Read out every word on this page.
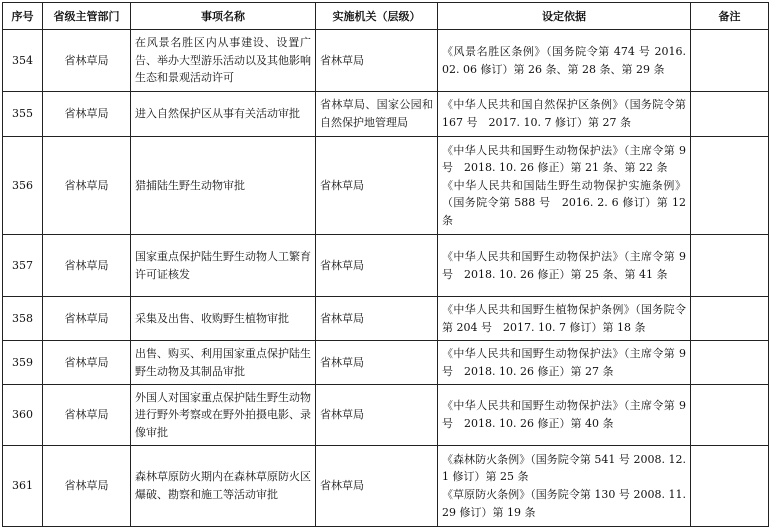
序号	省级主管部门	事项名称	实施机关（层级）	设定依据	备注
354	省林草局	在风景名胜区内从事建设、设置广告、举办大型游乐活动以及其他影响生态和景观活动许可	省林草局	《风景名胜区条例》（国务院令第 474 号 2016. 02. 06 修订）第 26 条、第 28 条、第 29 条	
355	省林草局	进入自然保护区从事有关活动审批	省林草局、国家公园和自然保护地管理局	《中华人民共和国自然保护区条例》（国务院令第 167 号　2017. 10. 7 修订）第 27 条	
356	省林草局	猎捕陆生野生动物审批	省林草局	《中华人民共和国野生动物保护法》（主席令第 9 号　2018. 10. 26 修正）第 21 条、第 22 条
《中华人民共和国陆生野生动物保护实施条例》（国务院令第 588 号　2016. 2. 6 修订）第 12 条	
357	省林草局	国家重点保护陆生野生动物人工繁育许可证核发	省林草局	《中华人民共和国野生动物保护法》（主席令第 9 号　2018. 10. 26 修正）第 25 条、第 41 条	
358	省林草局	采集及出售、收购野生植物审批	省林草局	《中华人民共和国野生植物保护条例》（国务院令第 204 号　2017. 10. 7 修订）第 18 条	
359	省林草局	出售、购买、利用国家重点保护陆生野生动物及其制品审批	省林草局	《中华人民共和国野生动物保护法》（主席令第 9 号　2018. 10. 26 修正）第 27 条	
360	省林草局	外国人对国家重点保护陆生野生动物进行野外考察或在野外拍摄电影、录像审批	省林草局	《中华人民共和国野生动物保护法》（主席令第 9 号　2018. 10. 26 修正）第 40 条	
361	省林草局	森林草原防火期内在森林草原防火区爆破、勘察和施工等活动审批	省林草局	《森林防火条例》（国务院令第 541 号 2008. 12. 1 修订）第 25 条
《草原防火条例》（国务院令第 130 号 2008. 11. 29 修订）第 19 条	
